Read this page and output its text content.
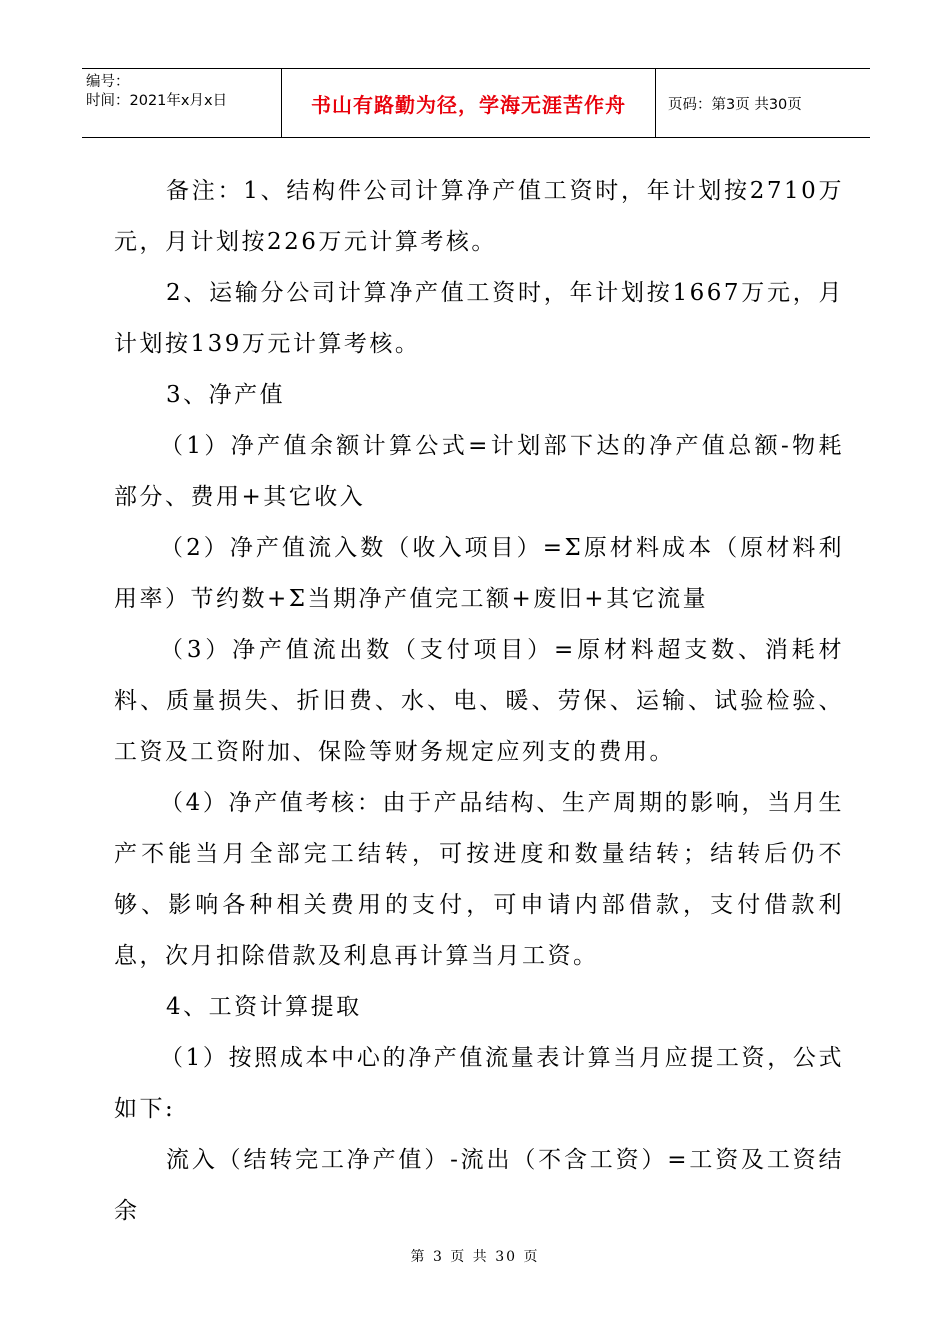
编号：
时间：2021年x月x日	书山有路勤为径，学海无涯苦作舟	页码：第3页 共30页

备注：1、结构件公司计算净产值工资时，年计划按2710万元，月计划按226万元计算考核。

2、运输分公司计算净产值工资时，年计划按1667万元，月计划按139万元计算考核。

3、净产值

（1）净产值余额计算公式=计划部下达的净产值总额-物耗部分、费用+其它收入

（2）净产值流入数（收入项目）=Σ原材料成本（原材料利用率）节约数+Σ当期净产值完工额+废旧+其它流量

（3）净产值流出数（支付项目）=原材料超支数、消耗材料、质量损失、折旧费、水、电、暖、劳保、运输、试验检验、工资及工资附加、保险等财务规定应列支的费用。

（4）净产值考核：由于产品结构、生产周期的影响，当月生产不能当月全部完工结转，可按进度和数量结转；结转后仍不够、影响各种相关费用的支付，可申请内部借款，支付借款利息，次月扣除借款及利息再计算当月工资。

4、工资计算提取

（1）按照成本中心的净产值流量表计算当月应提工资，公式如下:

流入（结转完工净产值）-流出（不含工资）=工资及工资结余

第 3 页 共 30 页
